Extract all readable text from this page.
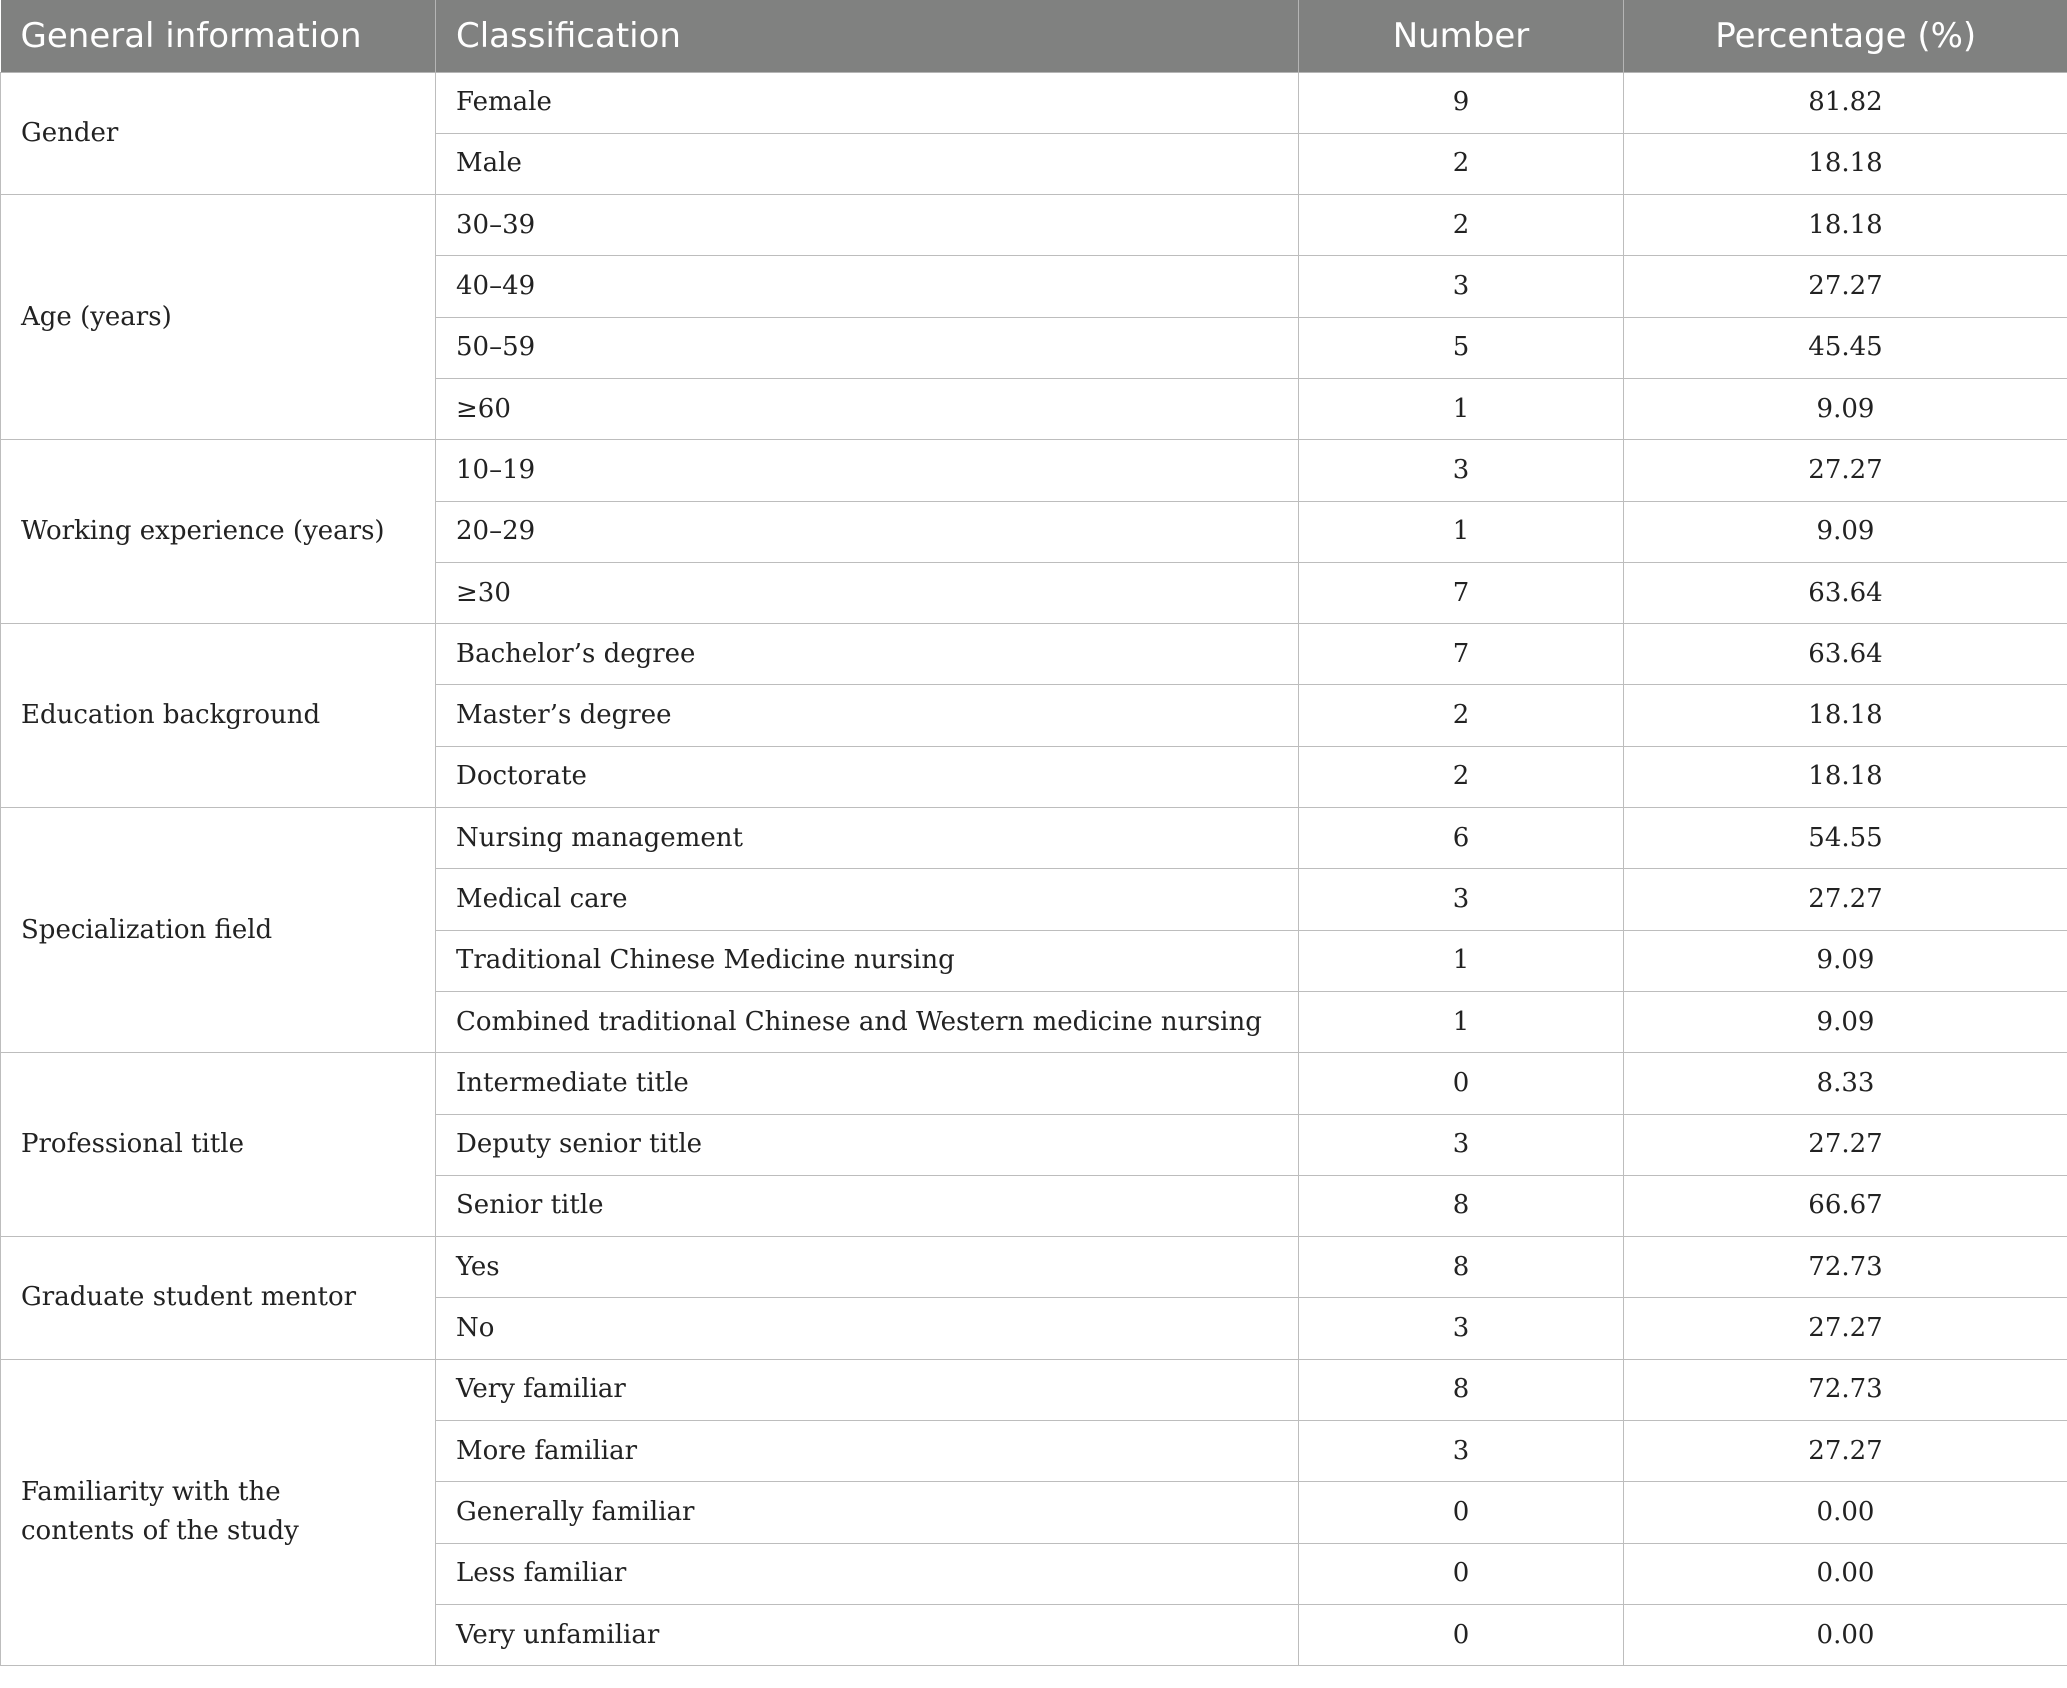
General information	Classification	Number	Percentage (%)
Gender	Female	9	81.82
	Male	2	18.18
Age (years)	30–39	2	18.18
	40–49	3	27.27
	50–59	5	45.45
	≥60	1	9.09
Working experience (years)	10–19	3	27.27
	20–29	1	9.09
	≥30	7	63.64
Education background	Bachelor’s degree	7	63.64
	Master’s degree	2	18.18
	Doctorate	2	18.18
Specialization field	Nursing management	6	54.55
	Medical care	3	27.27
	Traditional Chinese Medicine nursing	1	9.09
	Combined traditional Chinese and Western medicine nursing	1	9.09
Professional title	Intermediate title	0	8.33
	Deputy senior title	3	27.27
	Senior title	8	66.67
Graduate student mentor	Yes	8	72.73
	No	3	27.27
Familiarity with the contents of the study	Very familiar	8	72.73
	More familiar	3	27.27
	Generally familiar	0	0.00
	Less familiar	0	0.00
	Very unfamiliar	0	0.00
